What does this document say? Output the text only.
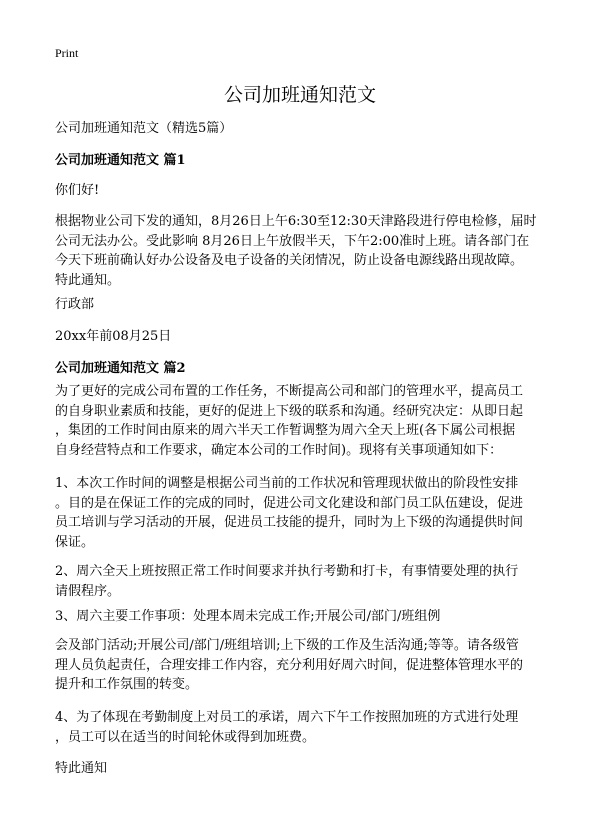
Print
公司加班通知范文

公司加班通知范文（精选5篇）

公司加班通知范文 篇1

你们好!

根据物业公司下发的通知，8月26日上午6:30至12:30天津路段进行停电检修，届时
公司无法办公。受此影响 8月26日上午放假半天，下午2:00准时上班。请各部门在
今天下班前确认好办公设备及电子设备的关闭情况，防止设备电源线路出现故障。
特此通知。

行政部

20xx年前08月25日

公司加班通知范文 篇2

为了更好的完成公司布置的工作任务，不断提高公司和部门的管理水平，提高员工
的自身职业素质和技能，更好的促进上下级的联系和沟通。经研究决定：从即日起
，集团的工作时间由原来的周六半天工作暂调整为周六全天上班(各下属公司根据
自身经营特点和工作要求，确定本公司的工作时间)。现将有关事项通知如下：
1、本次工作时间的调整是根据公司当前的工作状况和管理现状做出的阶段性安排
。目的是在保证工作的完成的同时，促进公司文化建设和部门员工队伍建设，促进
员工培训与学习活动的开展，促进员工技能的提升，同时为上下级的沟通提供时间
保证。
2、周六全天上班按照正常工作时间要求并执行考勤和打卡，有事情要处理的执行
请假程序。

3、周六主要工作事项：处理本周未完成工作;开展公司/部门/班组例

会及部门活动;开展公司/部门/班组培训;上下级的工作及生活沟通;等等。请各级管
理人员负起责任，合理安排工作内容，充分利用好周六时间，促进整体管理水平的
提升和工作氛围的转变。
4、为了体现在考勤制度上对员工的承诺，周六下午工作按照加班的方式进行处理
，员工可以在适当的时间轮休或得到加班费。

特此通知
